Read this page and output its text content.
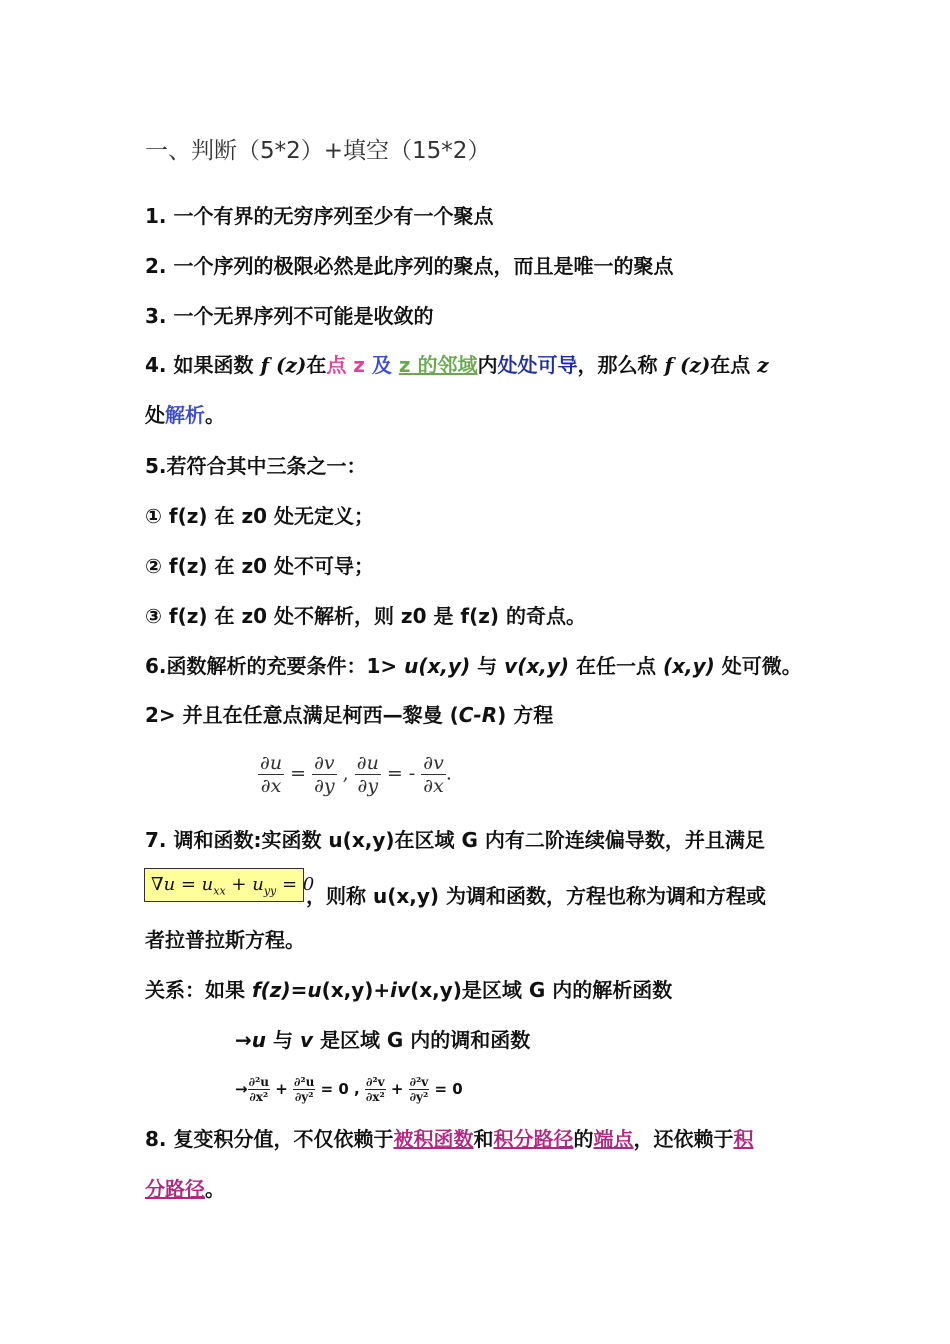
一、判断（5*2）+填空（15*2）
1. 一个有界的无穷序列至少有一个聚点
2. 一个序列的极限必然是此序列的聚点，而且是唯一的聚点
3. 一个无界序列不可能是收敛的
4. 如果函数 f (z)在点 z 及 z 的邻域内处处可导，那么称 f (z)在点 z
处解析。
5.若符合其中三条之一：
① f(z) 在 z0 处无定义；
② f(z) 在 z0 处不可导；
③ f(z) 在 z0 处不解析，则 z0 是 f(z) 的奇点。
6.函数解析的充要条件：1> u(x,y) 与 v(x,y) 在任一点 (x,y) 处可微。
2> 并且在任意点满足柯西—黎曼 (C-R) 方程
$\frac{\partial u}{\partial x} = \frac{\partial v}{\partial y}$ , $\frac{\partial u}{\partial y}$ = - $\frac{\partial v}{\partial x}$ .
7. 调和函数:实函数 u(x,y)在区域 G 内有二阶连续偏导数，并且满足
$\nabla u = u_{xx} + u_{yy} = 0$
，则称 u(x,y) 为调和函数，方程也称为调和方程或
者拉普拉斯方程。
关系：如果 f(z)=u(x,y)+iv(x,y)是区域 G 内的解析函数
→u 与 v 是区域 G 内的调和函数
→ $\frac{\text{∂²u}}{\text{∂x²}} + \frac{\text{∂²u}}{\text{∂y²}} = 0$ , $\frac{\text{∂²v}}{\text{∂x²}} + \frac{\text{∂²v}}{\text{∂y²}} = 0$
8. 复变积分值，不仅依赖于被积函数和积分路径的端点，还依赖于积
分路径。
